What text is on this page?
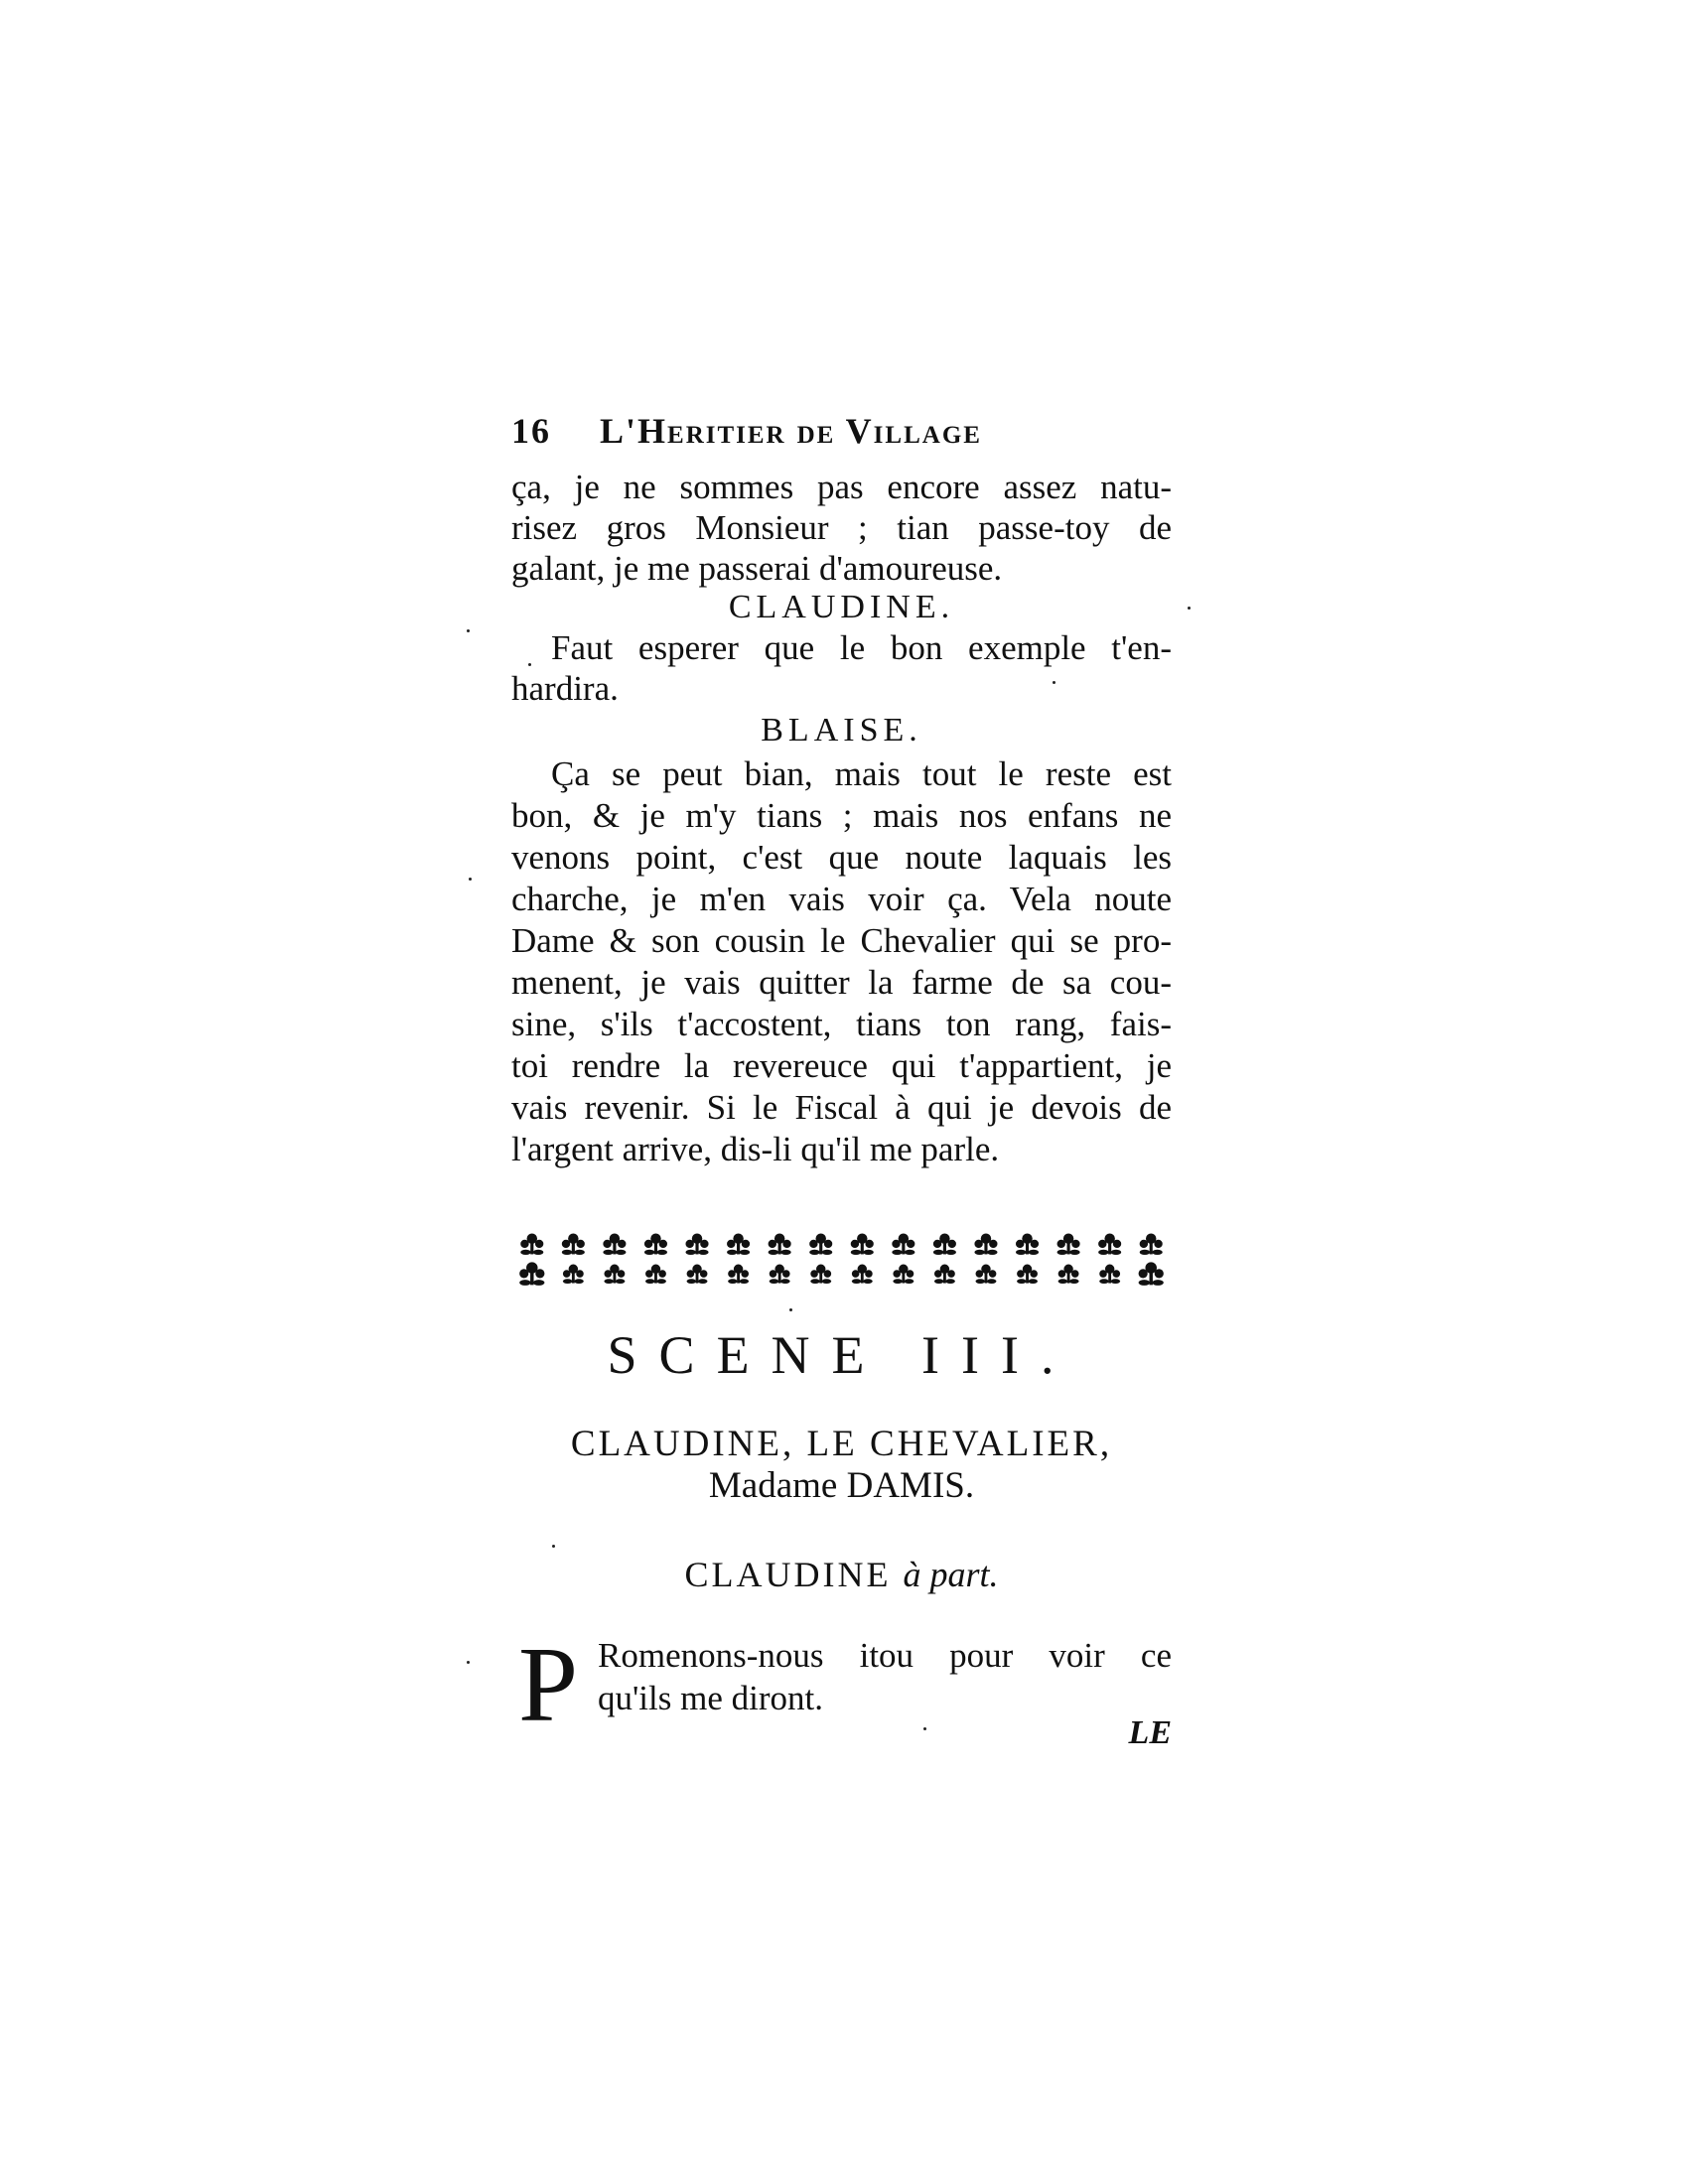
16 L'Heritier de Village
ça, je ne sommes pas encore assez natu-
risez gros Monsieur ; tian passe-toy de
galant, je me passerai d'amoureuse.
CLAUDINE.
Faut esperer que le bon exemple t'en-
hardira.
BLAISE.
Ça se peut bian, mais tout le reste est
bon, & je m'y tians ; mais nos enfans ne
venons point, c'est que noute laquais les
charche, je m'en vais voir ça. Vela noute
Dame & son cousin le Chevalier qui se pro-
menent, je vais quitter la farme de sa cou-
sine, s'ils t'accostent, tians ton rang, fais-
toi rendre la revereuce qui t'appartient, je
vais revenir. Si le Fiscal à qui je devois de
l'argent arrive, dis-li qu'il me parle.
SCENE III.
CLAUDINE, LE CHEVALIER,
Madame DAMIS.
CLAUDINE à part.
P Romenons-nous itou pour voir ce
qu'ils me diront.
LE
